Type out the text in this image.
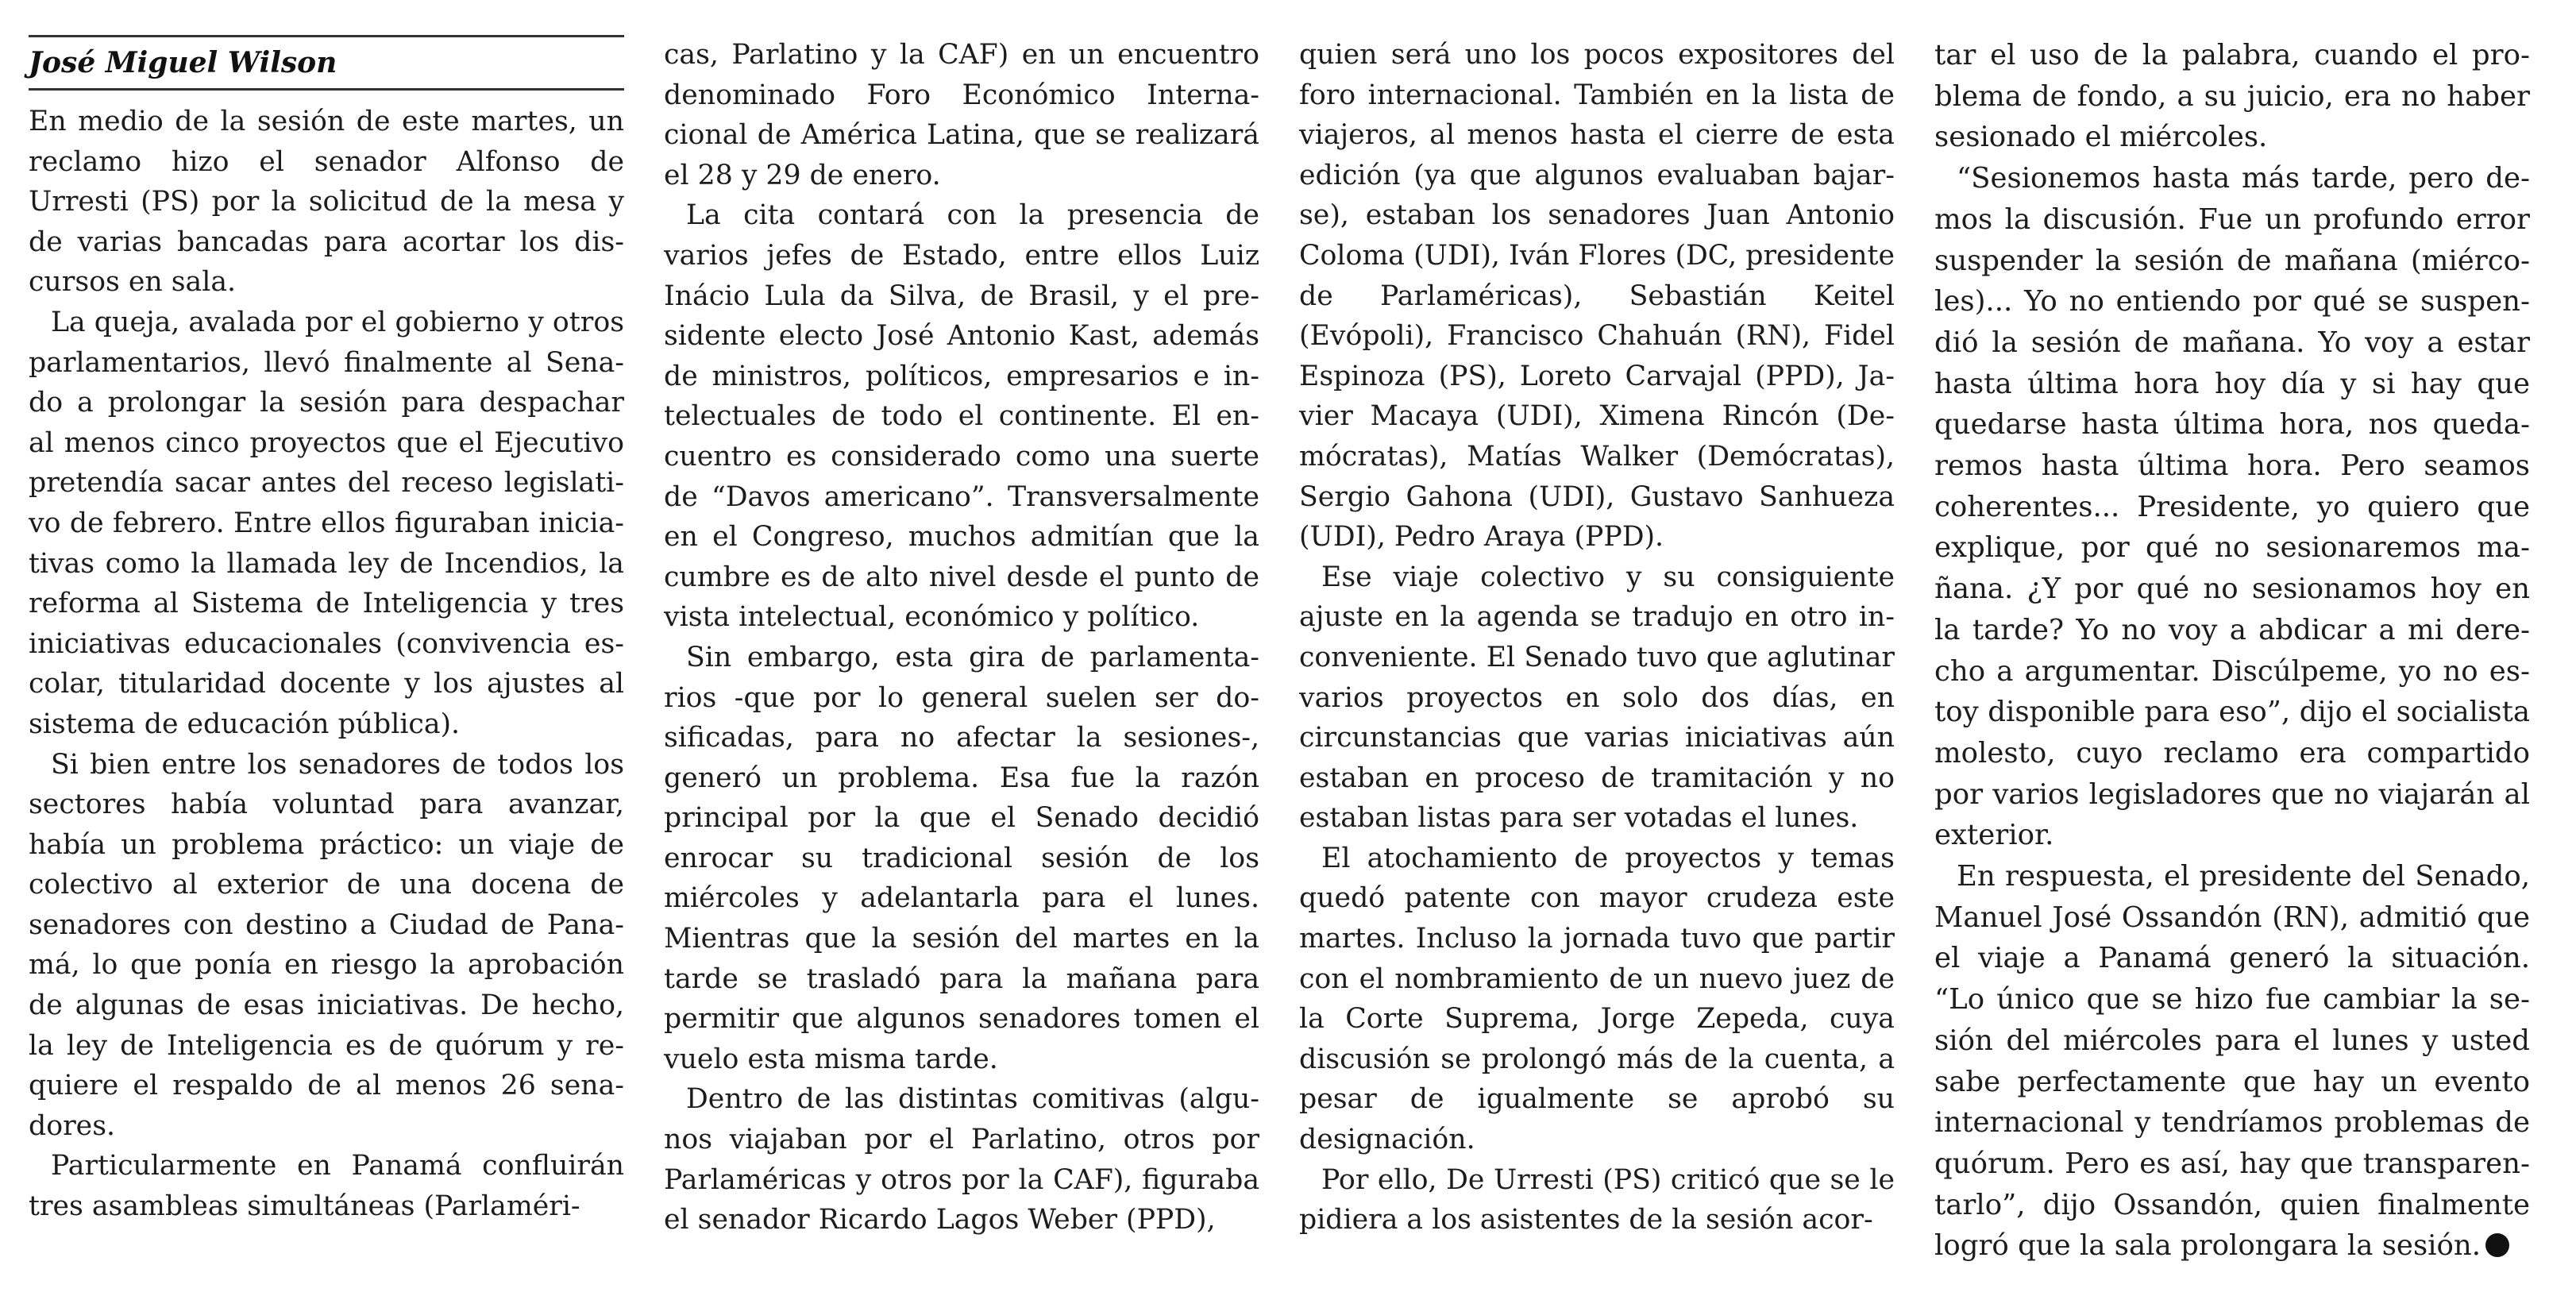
José Miguel Wilson

En medio de la sesión de este martes, un reclamo hizo el senador Alfonso de Urresti (PS) por la solicitud de la mesa y de varias bancadas para acortar los discursos en sala.

La queja, avalada por el gobierno y otros parlamentarios, llevó finalmente al Senado a prolongar la sesión para despachar al menos cinco proyectos que el Ejecutivo pretendía sacar antes del receso legislativo de febrero. Entre ellos figuraban iniciativas como la llamada ley de Incendios, la reforma al Sistema de Inteligencia y tres iniciativas educacionales (convivencia escolar, titularidad docente y los ajustes al sistema de educación pública).

Si bien entre los senadores de todos los sectores había voluntad para avanzar, había un problema práctico: un viaje de colectivo al exterior de una docena de senadores con destino a Ciudad de Panamá, lo que ponía en riesgo la aprobación de algunas de esas iniciativas. De hecho, la ley de Inteligencia es de quórum y requiere el respaldo de al menos 26 senadores.

Particularmente en Panamá confluirán tres asambleas simultáneas (Parlaméri-

cas, Parlatino y la CAF) en un encuentro denominado Foro Económico Internacional de América Latina, que se realizará el 28 y 29 de enero.

La cita contará con la presencia de varios jefes de Estado, entre ellos Luiz Inácio Lula da Silva, de Brasil, y el presidente electo José Antonio Kast, además de ministros, políticos, empresarios e intelectuales de todo el continente. El encuentro es considerado como una suerte de “Davos americano”. Transversalmente en el Congreso, muchos admitían que la cumbre es de alto nivel desde el punto de vista intelectual, económico y político.

Sin embargo, esta gira de parlamentarios -que por lo general suelen ser dosificadas, para no afectar la sesiones-, generó un problema. Esa fue la razón principal por la que el Senado decidió enrocar su tradicional sesión de los miércoles y adelantarla para el lunes. Mientras que la sesión del martes en la tarde se trasladó para la mañana para permitir que algunos senadores tomen el vuelo esta misma tarde.

Dentro de las distintas comitivas (algunos viajaban por el Parlatino, otros por Parlaméricas y otros por la CAF), figuraba el senador Ricardo Lagos Weber (PPD),

quien será uno los pocos expositores del foro internacional. También en la lista de viajeros, al menos hasta el cierre de esta edición (ya que algunos evaluaban bajarse), estaban los senadores Juan Antonio Coloma (UDI), Iván Flores (DC, presidente de Parlaméricas), Sebastián Keitel (Evópoli), Francisco Chahuán (RN), Fidel Espinoza (PS), Loreto Carvajal (PPD), Javier Macaya (UDI), Ximena Rincón (Demócratas), Matías Walker (Demócratas), Sergio Gahona (UDI), Gustavo Sanhueza (UDI), Pedro Araya (PPD).

Ese viaje colectivo y su consiguiente ajuste en la agenda se tradujo en otro inconveniente. El Senado tuvo que aglutinar varios proyectos en solo dos días, en circunstancias que varias iniciativas aún estaban en proceso de tramitación y no estaban listas para ser votadas el lunes.

El atochamiento de proyectos y temas quedó patente con mayor crudeza este martes. Incluso la jornada tuvo que partir con el nombramiento de un nuevo juez de la Corte Suprema, Jorge Zepeda, cuya discusión se prolongó más de la cuenta, a pesar de igualmente se aprobó su designación.

Por ello, De Urresti (PS) criticó que se le pidiera a los asistentes de la sesión acor-

tar el uso de la palabra, cuando el problema de fondo, a su juicio, era no haber sesionado el miércoles.

“Sesionemos hasta más tarde, pero demos la discusión. Fue un profundo error suspender la sesión de mañana (miércoles)... Yo no entiendo por qué se suspendió la sesión de mañana. Yo voy a estar hasta última hora hoy día y si hay que quedarse hasta última hora, nos quedaremos hasta última hora. Pero seamos coherentes... Presidente, yo quiero que explique, por qué no sesionaremos mañana. ¿Y por qué no sesionamos hoy en la tarde? Yo no voy a abdicar a mi derecho a argumentar. Discúlpeme, yo no estoy disponible para eso”, dijo el socialista molesto, cuyo reclamo era compartido por varios legisladores que no viajarán al exterior.

En respuesta, el presidente del Senado, Manuel José Ossandón (RN), admitió que el viaje a Panamá generó la situación. “Lo único que se hizo fue cambiar la sesión del miércoles para el lunes y usted sabe perfectamente que hay un evento internacional y tendríamos problemas de quórum. Pero es así, hay que transparentarlo”, dijo Ossandón, quien finalmente logró que la sala prolongara la sesión.
